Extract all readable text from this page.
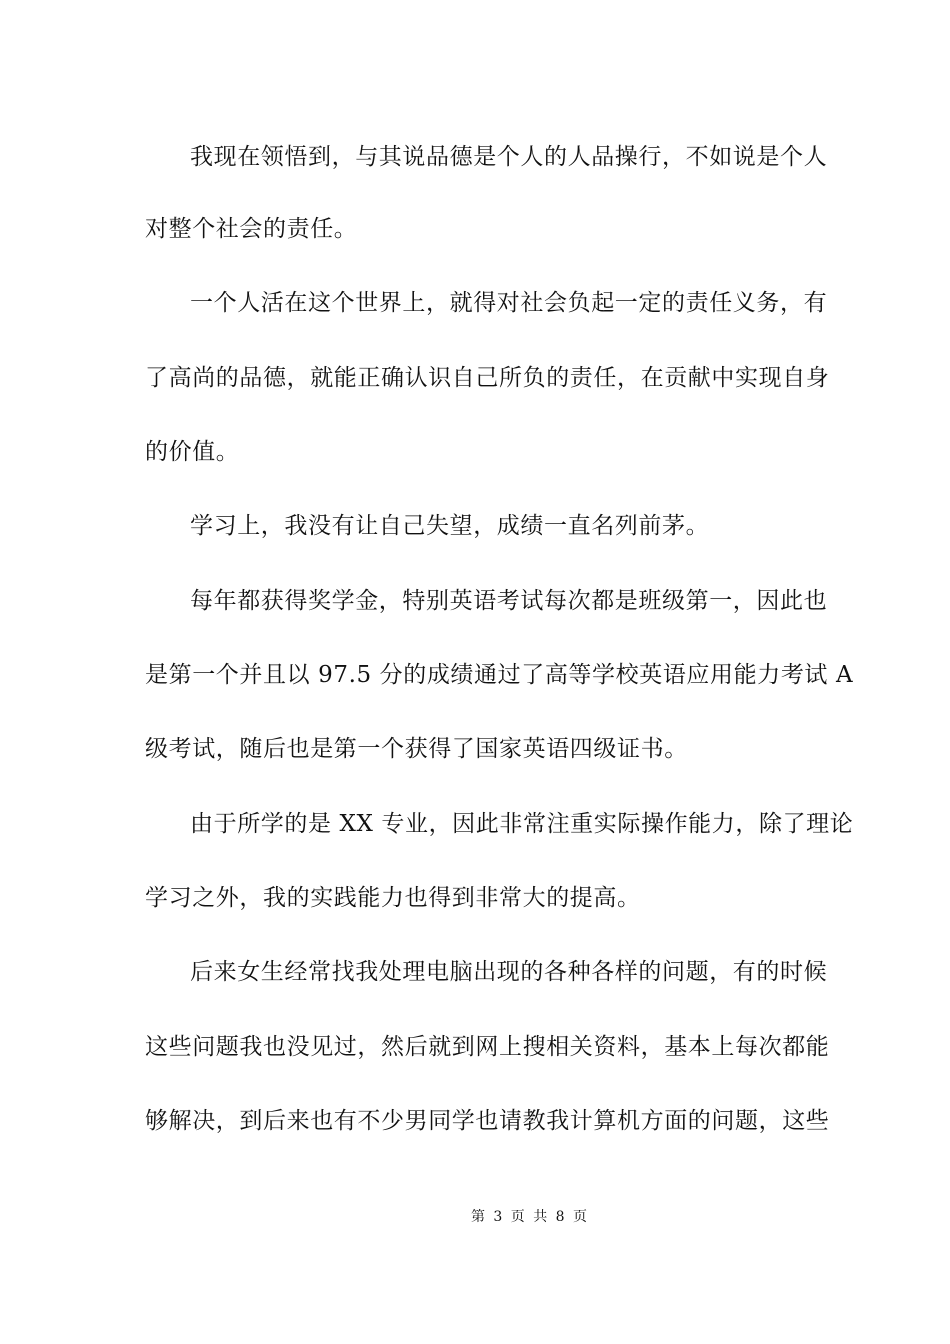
我现在领悟到，与其说品德是个人的人品操行，不如说是个人
对整个社会的责任。
一个人活在这个世界上，就得对社会负起一定的责任义务，有
了高尚的品德，就能正确认识自己所负的责任，在贡献中实现自身
的价值。
学习上，我没有让自己失望，成绩一直名列前茅。
每年都获得奖学金，特别英语考试每次都是班级第一，因此也
是第一个并且以 97.5 分的成绩通过了高等学校英语应用能力考试 A
级考试，随后也是第一个获得了国家英语四级证书。
由于所学的是 XX 专业，因此非常注重实际操作能力，除了理论
学习之外，我的实践能力也得到非常大的提高。
后来女生经常找我处理电脑出现的各种各样的问题，有的时候
这些问题我也没见过，然后就到网上搜相关资料，基本上每次都能
够解决，到后来也有不少男同学也请教我计算机方面的问题，这些
第 3 页 共 8 页
